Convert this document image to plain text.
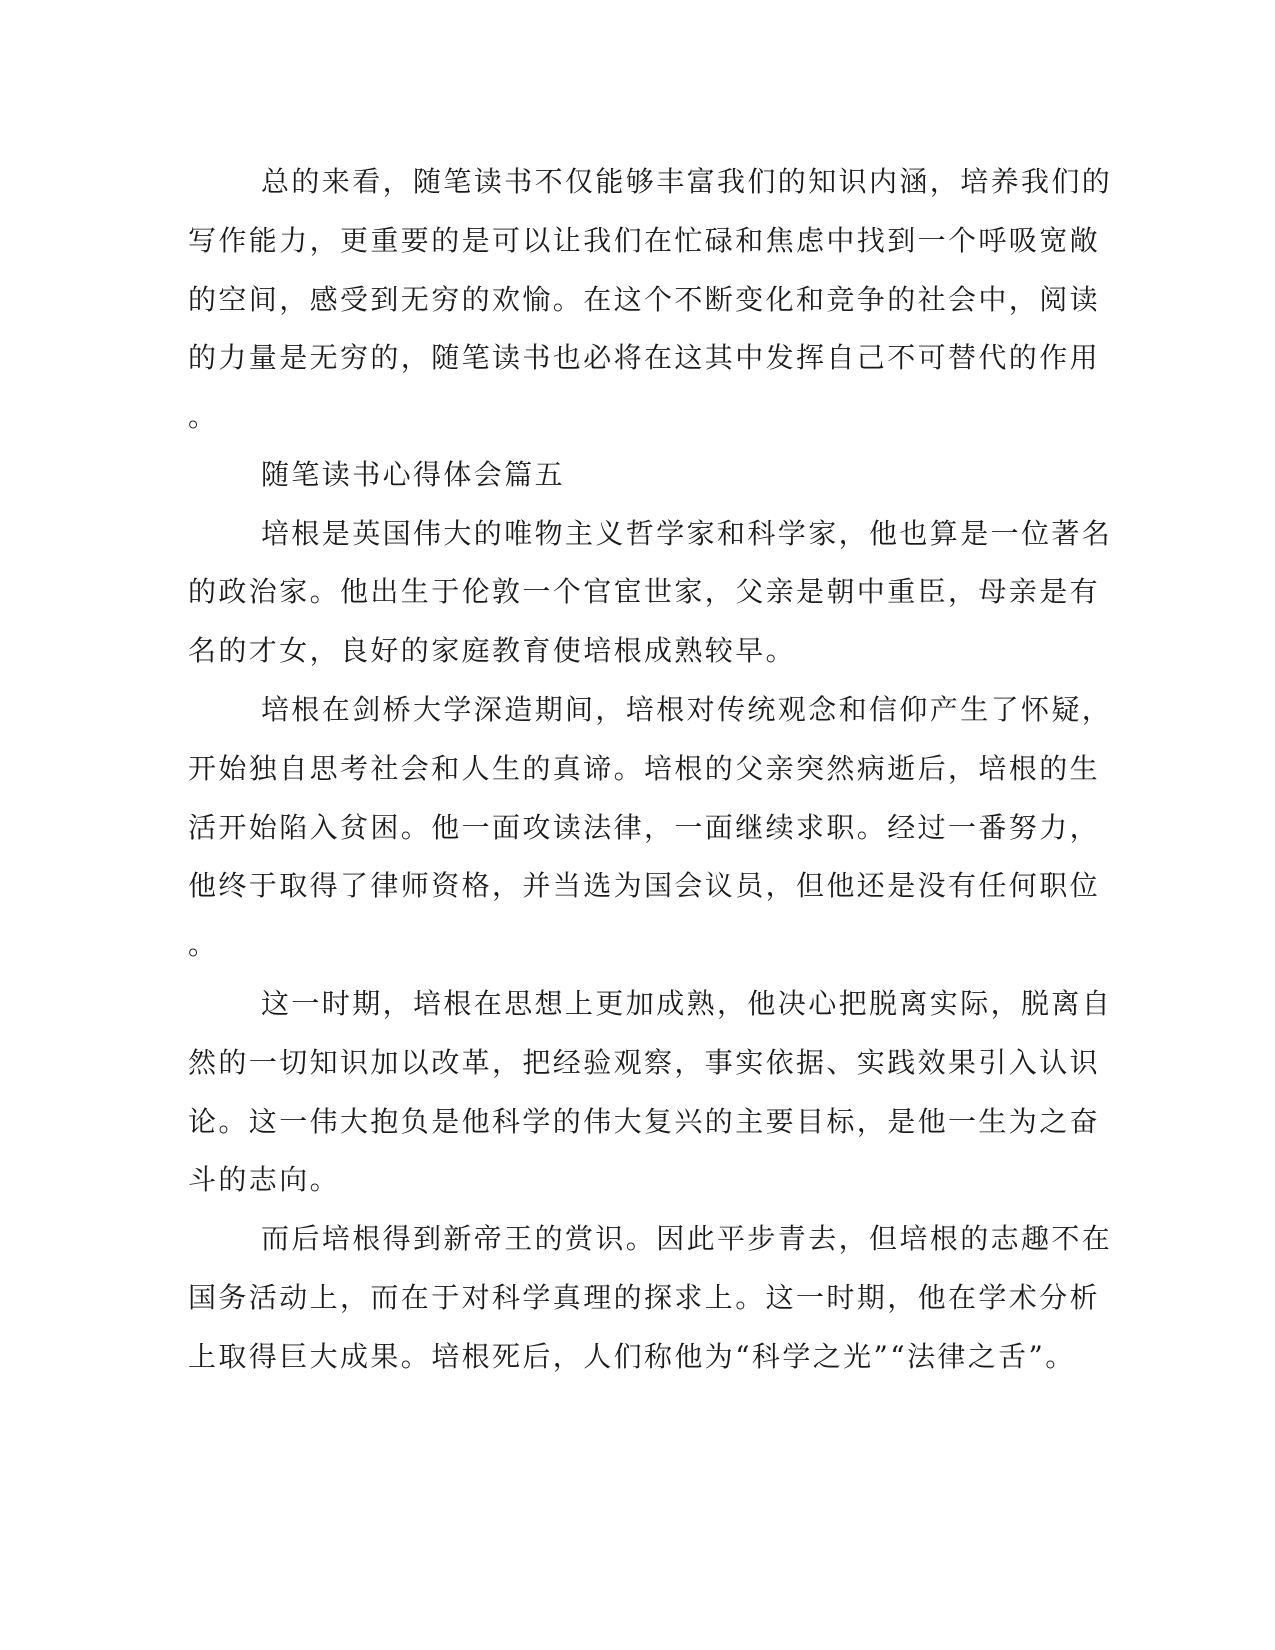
总的来看，随笔读书不仅能够丰富我们的知识内涵，培养我们的

写作能力，更重要的是可以让我们在忙碌和焦虑中找到一个呼吸宽敞

的空间，感受到无穷的欢愉。在这个不断变化和竞争的社会中，阅读

的力量是无穷的，随笔读书也必将在这其中发挥自己不可替代的作用

。

随笔读书心得体会篇五

培根是英国伟大的唯物主义哲学家和科学家，他也算是一位著名

的政治家。他出生于伦敦一个官宦世家，父亲是朝中重臣，母亲是有

名的才女，良好的家庭教育使培根成熟较早。

培根在剑桥大学深造期间，培根对传统观念和信仰产生了怀疑，

开始独自思考社会和人生的真谛。培根的父亲突然病逝后，培根的生

活开始陷入贫困。他一面攻读法律，一面继续求职。经过一番努力，

他终于取得了律师资格，并当选为国会议员，但他还是没有任何职位

。

这一时期，培根在思想上更加成熟，他决心把脱离实际，脱离自

然的一切知识加以改革，把经验观察，事实依据、实践效果引入认识

论。这一伟大抱负是他科学的伟大复兴的主要目标，是他一生为之奋

斗的志向。

而后培根得到新帝王的赏识。因此平步青去，但培根的志趣不在

国务活动上，而在于对科学真理的探求上。这一时期，他在学术分析

上取得巨大成果。培根死后，人们称他为“科学之光”“法律之舌”。
